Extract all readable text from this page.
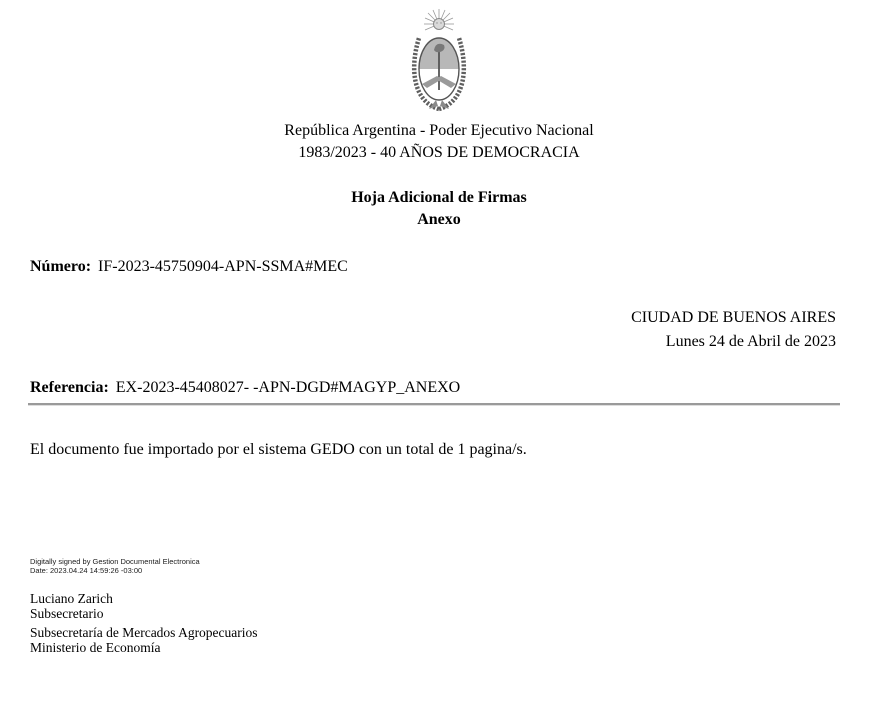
República Argentina - Poder Ejecutivo Nacional
1983/2023 - 40 AÑOS DE DEMOCRACIA
Hoja Adicional de Firmas
Anexo
Número: IF-2023-45750904-APN-SSMA#MEC
CIUDAD DE BUENOS AIRES
Lunes 24 de Abril de 2023
Referencia: EX-2023-45408027- -APN-DGD#MAGYP_ANEXO
El documento fue importado por el sistema GEDO con un total de 1 pagina/s.
Digitally signed by Gestion Documental Electronica
Date: 2023.04.24 14:59:26 -03:00
Luciano Zarich
Subsecretario
Subsecretaría de Mercados Agropecuarios
Ministerio de Economía
